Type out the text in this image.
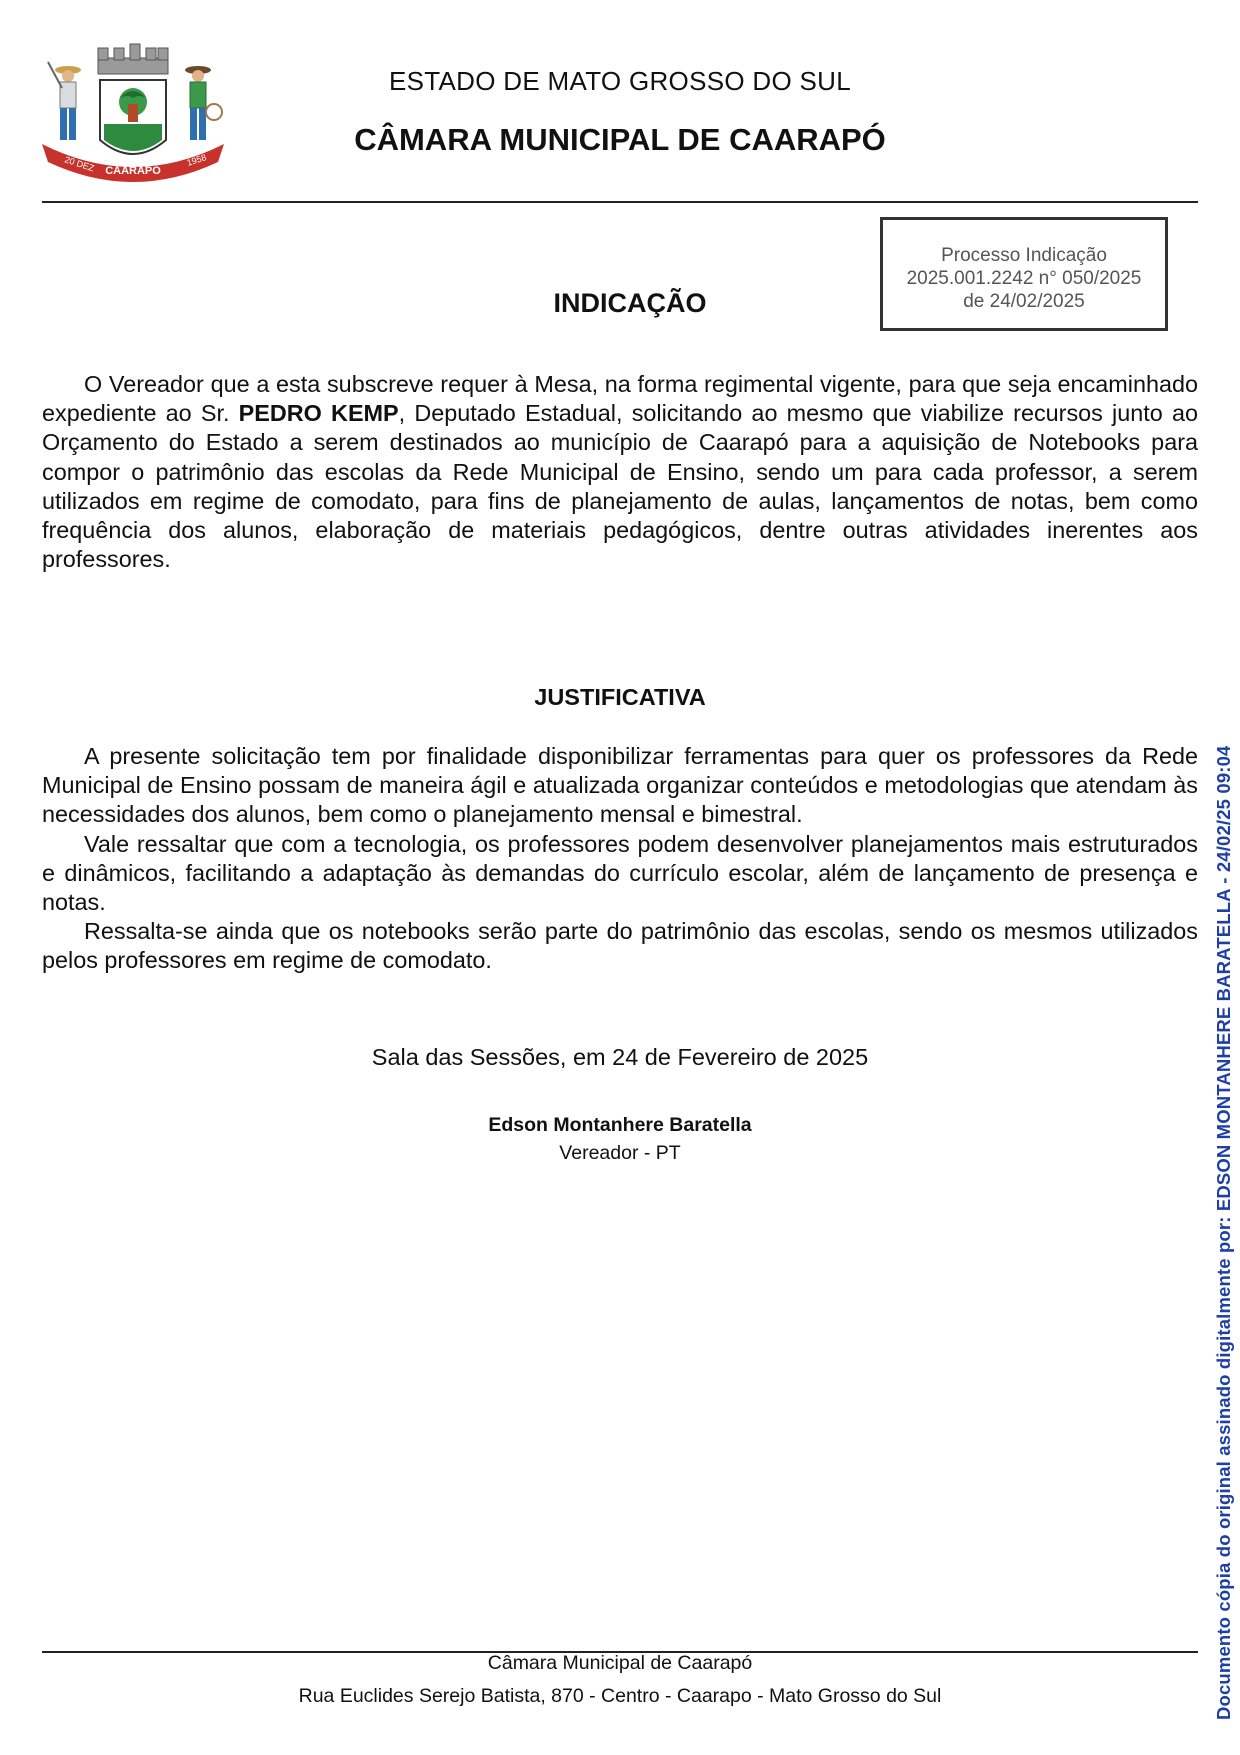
20 DEZ CAARAPÓ
1958
ESTADO DE MATO GROSSO DO SUL
CÂMARA MUNICIPAL DE CAARAPÓ
Processo Indicação
2025.001.2242 n° 050/2025
de 24/02/2025
INDICAÇÃO

O Vereador que a esta subscreve requer à Mesa, na forma regimental vigente, para que seja encaminhado expediente ao Sr. PEDRO KEMP, Deputado Estadual, solicitando ao mesmo que viabilize recursos junto ao Orçamento do Estado a serem destinados ao município de Caarapó para a aquisição de Notebooks para compor o patrimônio das escolas da Rede Municipal de Ensino, sendo um para cada professor, a serem utilizados em regime de comodato, para fins de planejamento de aulas, lançamentos de notas, bem como frequência dos alunos, elaboração de materiais pedagógicos, dentre outras atividades inerentes aos professores.

JUSTIFICATIVA

A presente solicitação tem por finalidade disponibilizar ferramentas para quer os professores da Rede Municipal de Ensino possam de maneira ágil e atualizada organizar conteúdos e metodologias que atendam às necessidades dos alunos, bem como o planejamento mensal e bimestral.

Vale ressaltar que com a tecnologia, os professores podem desenvolver planejamentos mais estruturados e dinâmicos, facilitando a adaptação às demandas do currículo escolar, além de lançamento de presença e notas.

Ressalta-se ainda que os notebooks serão parte do patrimônio das escolas, sendo os mesmos utilizados pelos professores em regime de comodato.

Sala das Sessões, em 24 de Fevereiro de 2025
Edson Montanhere Baratella
Vereador - PT
Câmara Municipal de Caarapó
Rua Euclides Serejo Batista, 870 - Centro - Caarapo - Mato Grosso do Sul	Documento cópia do original assinado digitalmente por: EDSON MONTANHERE BARATELLA - 24/02/25 09:04
